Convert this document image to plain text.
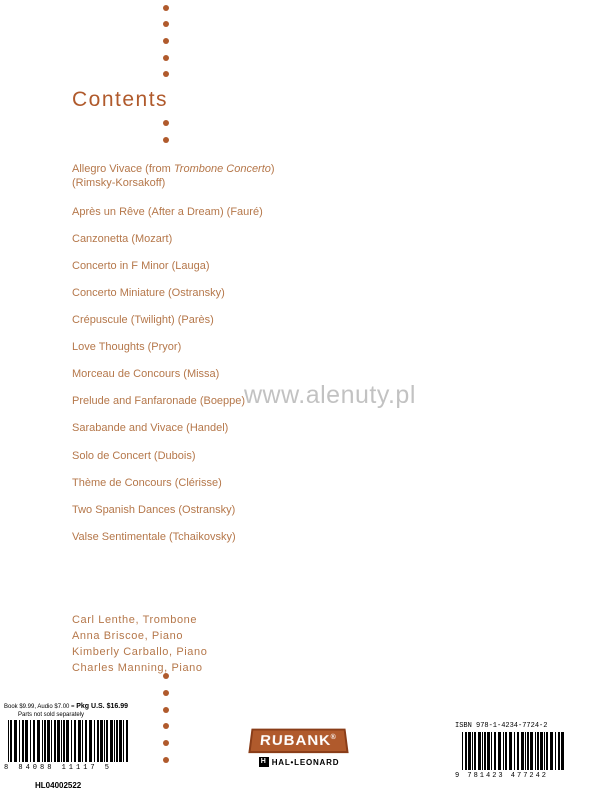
Contents
Allegro Vivace (from Trombone Concerto)
(Rimsky-Korsakoff)
Après un Rêve (After a Dream) (Fauré)
Canzonetta (Mozart)
Concerto in F Minor (Lauga)
Concerto Miniature (Ostransky)
Crépuscule (Twilight) (Parès)
Love Thoughts (Pryor)
Morceau de Concours (Missa)
Prelude and Fanfaronade (Boeppe)
Sarabande and Vivace (Handel)
Solo de Concert (Dubois)
Thème de Concours (Clérisse)
Two Spanish Dances (Ostransky)
Valse Sentimentale (Tchaikovsky)
www.alenuty.pl
Carl Lenthe, Trombone
Anna Briscoe, Piano
Kimberly Carballo, Piano
Charles Manning, Piano
Book $9.99, Audio $7.00 = Pkg U.S. $16.99
Parts not sold separately
8 84088 11117 5
HL04002522
RUBANK®
H HAL•LEONARD
ISBN 978-1-4234-7724-2
9 781423 477242
